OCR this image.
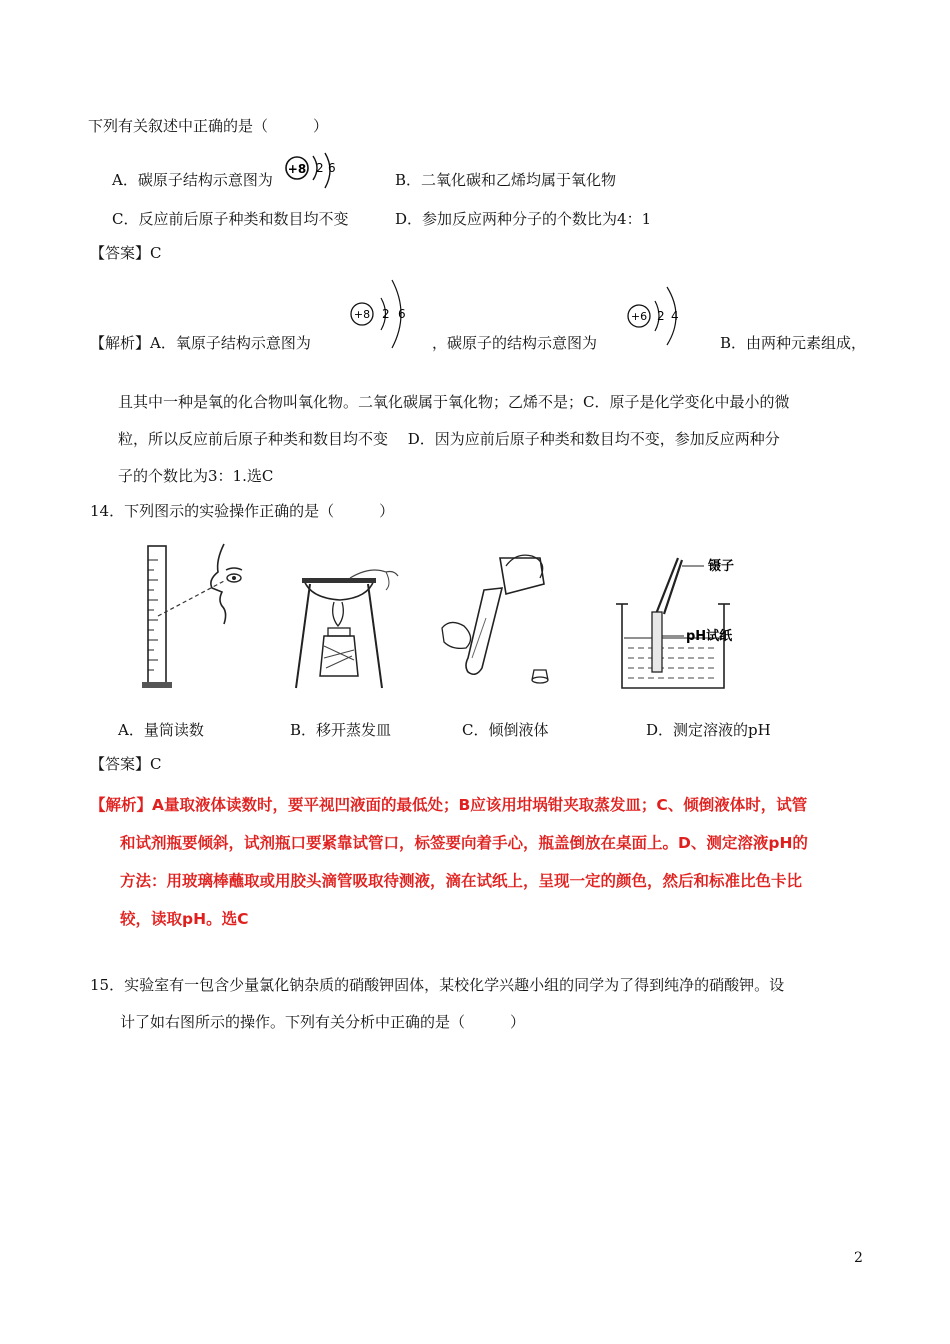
下列有关叙述中正确的是（　　　）
A．碳原子结构示意图为
+8 2 6
B．二氧化碳和乙烯均属于氧化物
C．反应前后原子种类和数目均不变	D．参加反应两种分子的个数比为4：1
【答案】C
【解析】A．氧原子结构示意图为
+8 2 6
，碳原子的结构示意图为
+6 2 4
B．由两种元素组成，
且其中一种是氧的化合物叫氧化物。二氧化碳属于氧化物；乙烯不是；C．原子是化学变化中最小的微
粒，所以反应前后原子种类和数目均不变　 D．因为应前后原子种类和数目均不变，参加反应两种分
子的个数比为3：1.选C
14．下列图示的实验操作正确的是（　　　）
镊子
pH试纸
A．量筒读数	B．移开蒸发皿	C．倾倒液体	D．测定溶液的pH
【答案】C
【解析】A量取液体读数时，要平视凹液面的最低处；B应该用坩埚钳夹取蒸发皿；C、倾倒液体时，试管
和试剂瓶要倾斜，试剂瓶口要紧靠试管口，标签要向着手心，瓶盖倒放在桌面上。D、测定溶液pH的
方法：用玻璃棒蘸取或用胶头滴管吸取待测液，滴在试纸上，呈现一定的颜色，然后和标准比色卡比
较，读取pH。选C
15．实验室有一包含少量氯化钠杂质的硝酸钾固体，某校化学兴趣小组的同学为了得到纯净的硝酸钾。设
计了如右图所示的操作。下列有关分析中正确的是（　　　）
2
